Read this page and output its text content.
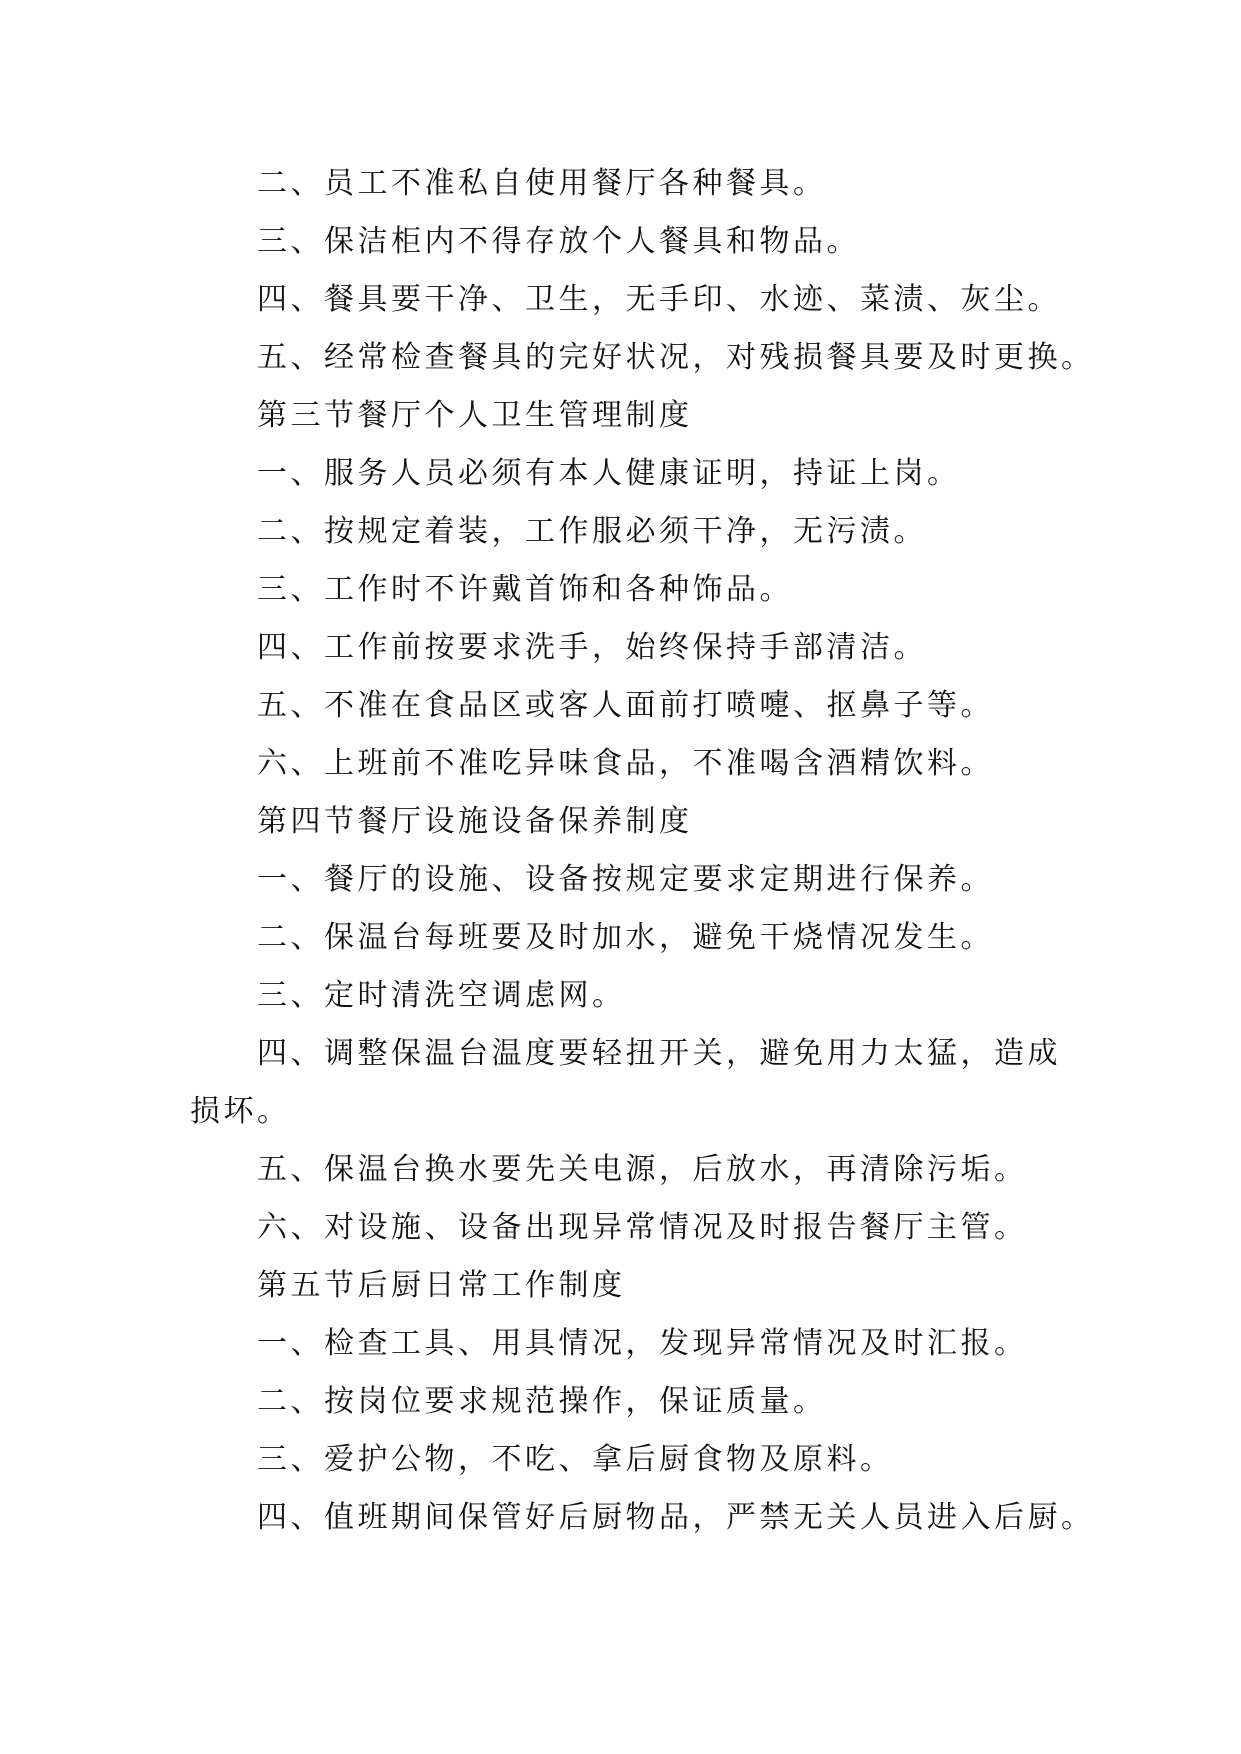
二、员工不准私自使用餐厅各种餐具。
三、保洁柜内不得存放个人餐具和物品。
四、餐具要干净、卫生，无手印、水迹、菜渍、灰尘。
五、经常检查餐具的完好状况，对残损餐具要及时更换。
第三节餐厅个人卫生管理制度
一、服务人员必须有本人健康证明，持证上岗。
二、按规定着装，工作服必须干净，无污渍。
三、工作时不许戴首饰和各种饰品。
四、工作前按要求洗手，始终保持手部清洁。
五、不准在食品区或客人面前打喷嚏、抠鼻子等。
六、上班前不准吃异味食品，不准喝含酒精饮料。
第四节餐厅设施设备保养制度
一、餐厅的设施、设备按规定要求定期进行保养。
二、保温台每班要及时加水，避免干烧情况发生。
三、定时清洗空调虑网。
四、调整保温台温度要轻扭开关，避免用力太猛，造成损坏。
五、保温台换水要先关电源，后放水，再清除污垢。
六、对设施、设备出现异常情况及时报告餐厅主管。
第五节后厨日常工作制度
一、检查工具、用具情况，发现异常情况及时汇报。
二、按岗位要求规范操作，保证质量。
三、爱护公物，不吃、拿后厨食物及原料。
四、值班期间保管好后厨物品，严禁无关人员进入后厨。
